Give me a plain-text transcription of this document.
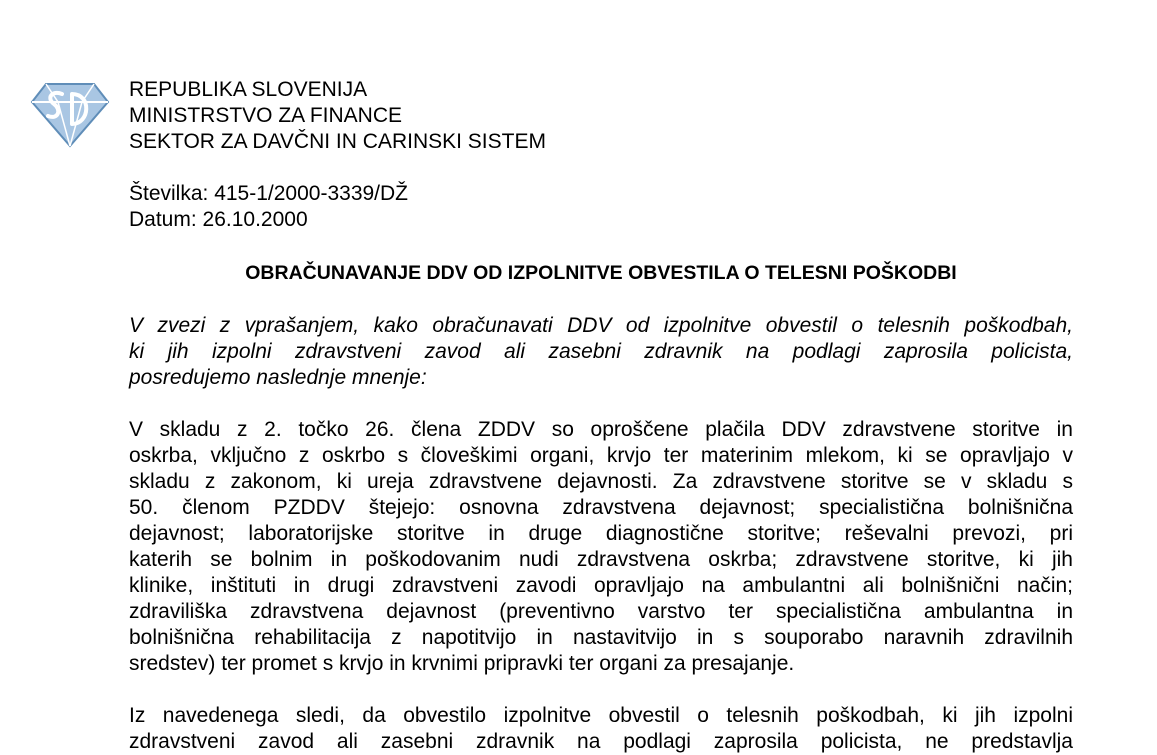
REPUBLIKA SLOVENIJA
MINISTRSTVO ZA FINANCE
SEKTOR ZA DAVČNI IN CARINSKI SISTEM
Številka: 415-1/2000-3339/DŽ
Datum: 26.10.2000
OBRAČUNAVANJE DDV OD IZPOLNITVE OBVESTILA O TELESNI POŠKODBI
V zvezi z vprašanjem, kako obračunavati DDV od izpolnitve obvestil o telesnih poškodbah,
ki jih izpolni zdravstveni zavod ali zasebni zdravnik na podlagi zaprosila policista,
posredujemo naslednje mnenje:
V skladu z 2. točko 26. člena ZDDV so oproščene plačila DDV zdravstvene storitve in
oskrba, vključno z oskrbo s človeškimi organi, krvjo ter materinim mlekom, ki se opravljajo v
skladu z zakonom, ki ureja zdravstvene dejavnosti. Za zdravstvene storitve se v skladu s
50. členom PZDDV štejejo: osnovna zdravstvena dejavnost; specialistična bolnišnična
dejavnost; laboratorijske storitve in druge diagnostične storitve; reševalni prevozi, pri
katerih se bolnim in poškodovanim nudi zdravstvena oskrba; zdravstvene storitve, ki jih
klinike, inštituti in drugi zdravstveni zavodi opravljajo na ambulantni ali bolnišnični način;
zdraviliška zdravstvena dejavnost (preventivno varstvo ter specialistična ambulantna in
bolnišnična rehabilitacija z napotitvijo in nastavitvijo in s souporabo naravnih zdravilnih
sredstev) ter promet s krvjo in krvnimi pripravki ter organi za presajanje.
Iz navedenega sledi, da obvestilo izpolnitve obvestil o telesnih poškodbah, ki jih izpolni
zdravstveni zavod ali zasebni zdravnik na podlagi zaprosila policista, ne predstavlja
